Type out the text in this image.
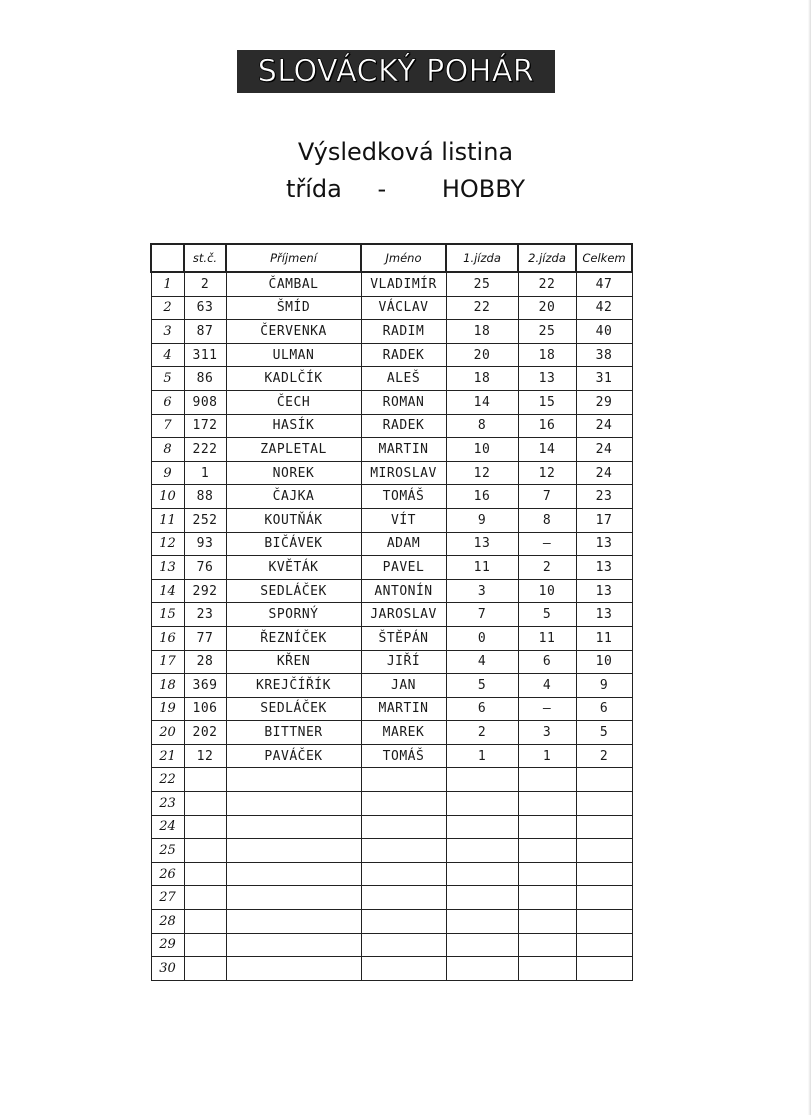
SLOVÁCKÝ POHÁR
Výsledková listina
třída - HOBBY
	st.č.	Příjmení	Jméno	1.jízda	2.jízda	Celkem
1	2	ČAMBAL	VLADIMÍR	25	22	47
2	63	ŠMÍD	VÁCLAV	22	20	42
3	87	ČERVENKA	RADIM	18	25	40
4	311	ULMAN	RADEK	20	18	38
5	86	KADLČÍK	ALEŠ	18	13	31
6	908	ČECH	ROMAN	14	15	29
7	172	HASÍK	RADEK	8	16	24
8	222	ZAPLETAL	MARTIN	10	14	24
9	1	NOREK	MIROSLAV	12	12	24
10	88	ČAJKA	TOMÁŠ	16	7	23
11	252	KOUTŇÁK	VÍT	9	8	17
12	93	BIČÁVEK	ADAM	13	–	13
13	76	KVĚTÁK	PAVEL	11	2	13
14	292	SEDLÁČEK	ANTONÍN	3	10	13
15	23	SPORNÝ	JAROSLAV	7	5	13
16	77	ŘEZNÍČEK	ŠTĚPÁN	0	11	11
17	28	KŘEN	JIŘÍ	4	6	10
18	369	KREJČÍŘÍK	JAN	5	4	9
19	106	SEDLÁČEK	MARTIN	6	–	6
20	202	BITTNER	MAREK	2	3	5
21	12	PAVÁČEK	TOMÁŠ	1	1	2
22						
23						
24						
25						
26						
27						
28						
29						
30						
